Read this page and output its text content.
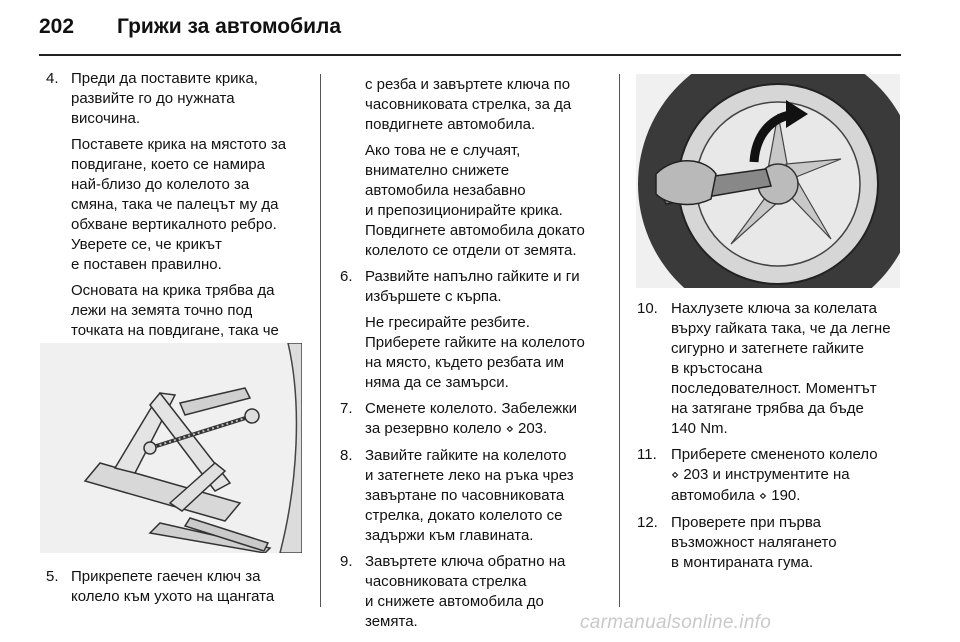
202 Грижи за автомобила
4. Преди да поставите крика,

развийте го до нужната

височина.

Поставете крика на мястото за

повдигане, което се намира

най-близо до колелото за

смяна, така че палецът му да

обхване вертикалното ребро.

Уверете се, че крикът

е поставен правилно.

Основата на крика трябва да

лежи на земята точно под

точката на повдигане, така че

5. Прикрепете гаечен ключ за

колело към ухото на щангата

с резба и завъртете ключа по

часовниковата стрелка, за да

повдигнете автомобила.

Ако това не е случаят,

внимателно снижете

автомобила незабавно

и препозиционирайте крика.

Повдигнете автомобила докато

колелото се отдели от земята.

6. Развийте напълно гайките и ги

избършете с кърпа.

Не гресирайте резбите.

Приберете гайките на колелото

на място, където резбата им

няма да се замърси.

7. Сменете колелото. Забележки

за резервно колело ⋄ 203.

8. Завийте гайките на колелото

и затегнете леко на ръка чрез

завъртане по часовниковата

стрелка, докато колелото се

задържи към главината.

9. Завъртете ключа обратно на

часовниковата стрелка

и снижете автомобила до

земята.

10. Нахлузете ключа за колелата

върху гайката така, че да легне

сигурно и затегнете гайките

в кръстосана

последователност. Моментът

на затягане трябва да бъде

140 Nm.

11. Приберете смененото колело

⋄ 203 и инструментите на

автомобила ⋄ 190.

12. Проверете при първа

възможност налягането

в монтираната гума.

carmanualsonline.info
